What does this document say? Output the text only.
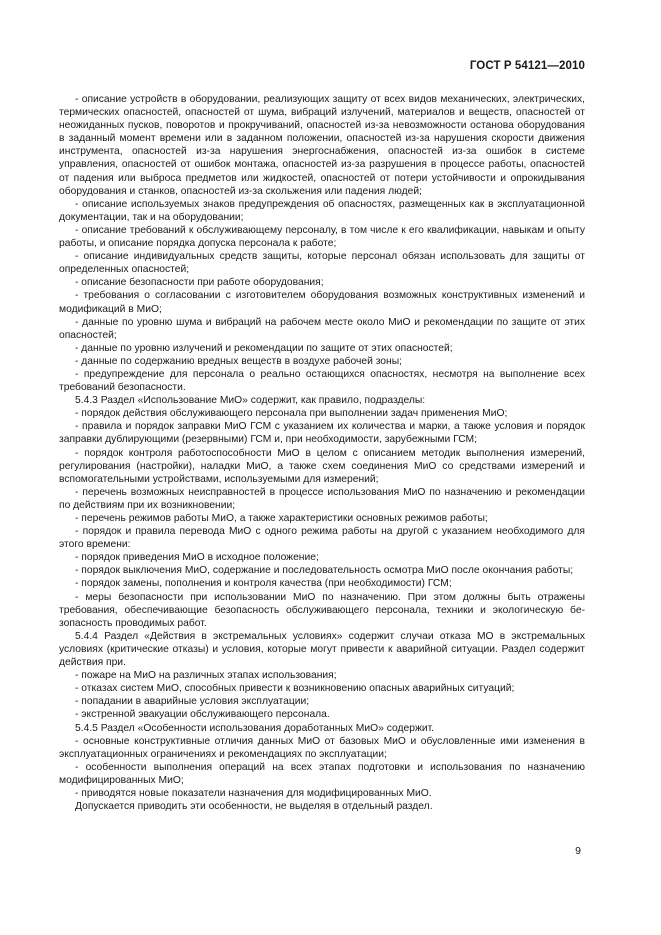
ГОСТ Р 54121—2010

- описание устройств в оборудовании, реализующих защиту от всех видов механических, электрических, термических опасностей, опасностей от шума, вибраций излучений, материалов и веществ, опасностей от неожиданных пусков, поворотов и прокручиваний, опасностей из-за невозможности останова оборудования в заданный момент времени или в заданном положении, опасностей из-за нарушения скорости движения инструмента, опасностей из-за нарушения энергоснабжения, опасностей из-за ошибок в системе управления, опасностей от ошибок монтажа, опасностей из-за разрушения в процессе работы, опасностей от падения или выброса предметов или жидкостей, опасностей от потери устойчивости и опрокидывания оборудования и станков, опасностей из-за скольжения или падения людей;

- описание используемых знаков предупреждения об опасностях, размещенных как в эксплуатационной документации, так и на оборудовании;

- описание требований к обслуживающему персоналу, в том числе к его квалификации, навыкам и опыту работы, и описание порядка допуска персонала к работе;

- описание индивидуальных средств защиты, которые персонал обязан использовать для защиты от определенных опасностей;

- описание безопасности при работе оборудования;

- требования о согласовании с изготовителем оборудования возможных конструктивных изменений и модификаций в МиО;

- данные по уровню шума и вибраций на рабочем месте около МиО и рекомендации по защите от этих опасностей;

- данные по уровню излучений и рекомендации по защите от этих опасностей;

- данные по содержанию вредных веществ в воздухе рабочей зоны;

- предупреждение для персонала о реально остающихся опасностях, несмотря на выполнение всех требований безопасности.

5.4.3 Раздел «Использование МиО» содержит, как правило, подразделы:

- порядок действия обслуживающего персонала при выполнении задач применения МиО;

- правила и порядок заправки МиО ГСМ с указанием их количества и марки, а также условия и порядок заправки дублирующими (резервными) ГСМ и, при необходимости, зарубежными ГСМ;

- порядок контроля работоспособности МиО в целом с описанием методик выполнения измерений, регулирования (настройки), наладки МиО, а также схем соединения МиО со средствами измерений и вспомогательными устройствами, используемыми для измерений;

- перечень возможных неисправностей в процессе использования МиО по назначению и рекомендации по действиям при их возникновении;

- перечень режимов работы МиО, а также характеристики основных режимов работы;

- порядок и правила перевода МиО с одного режима работы на другой с указанием необходимого для этого времени:

- порядок приведения МиО в исходное положение;

- порядок выключения МиО, содержание и последовательность осмотра МиО после окончания работы;

- порядок замены, пополнения и контроля качества (при необходимости) ГСМ;

- меры безопасности при использовании МиО по назначению. При этом должны быть отражены требования, обеспечивающие безопасность обслуживающего персонала, техники и экологическую безопасность проводимых работ.

5.4.4 Раздел «Действия в экстремальных условиях» содержит случаи отказа МО в экстремальных условиях (критические отказы) и условия, которые могут привести к аварийной ситуации. Раздел содержит действия при.

- пожаре на МиО на различных этапах использования;

- отказах систем МиО, способных привести к возникновению опасных аварийных ситуаций;

- попадании в аварийные условия эксплуатации;

- экстренной эвакуации обслуживающего персонала.

5.4.5 Раздел «Особенности использования доработанных МиО» содержит.

- основные конструктивные отличия данных МиО от базовых МиО и обусловленные ими изменения в эксплуатационных ограничениях и рекомендациях по эксплуатации;

- особенности выполнения операций на всех этапах подготовки и использования по назначению модифицированных МиО;

- приводятся новые показатели назначения для модифицированных МиО.

Допускается приводить эти особенности, не выделяя в отдельный раздел.

9
